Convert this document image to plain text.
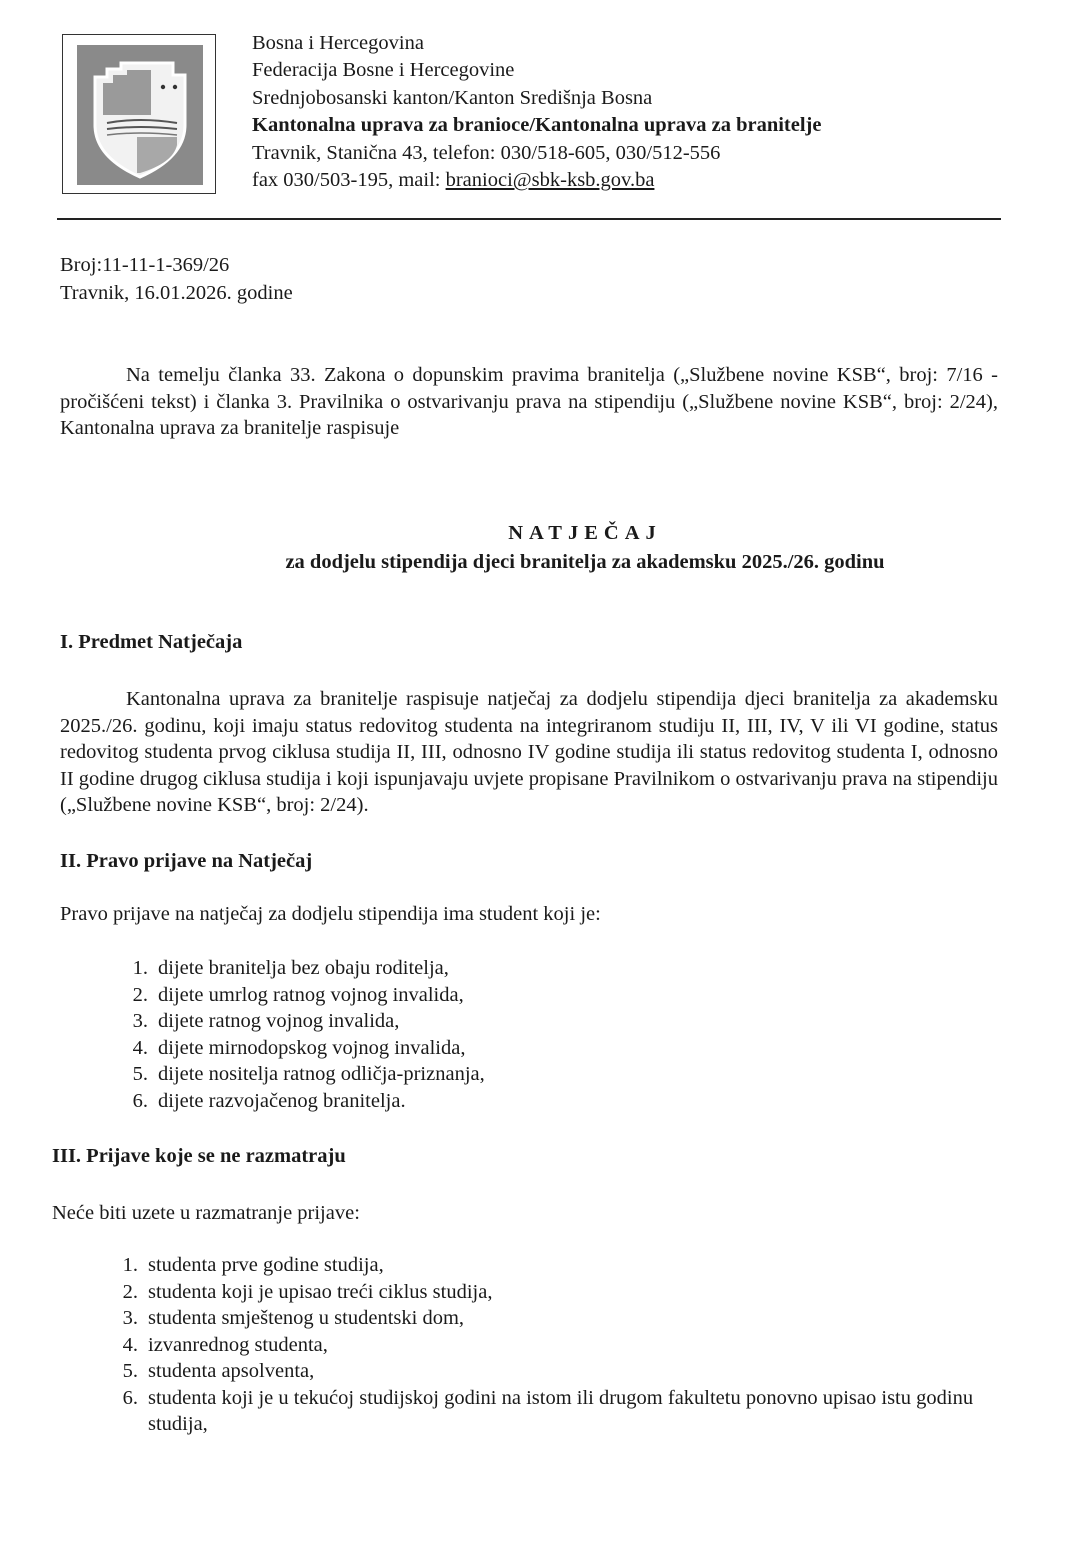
Bosna i Hercegovina
Federacija Bosne i Hercegovine
Srednjobosanski kanton/Kanton Središnja Bosna
Kantonalna uprava za branioce/Kantonalna uprava za branitelje
Travnik, Stanična 43, telefon: 030/518-605, 030/512-556
fax 030/503-195, mail: branioci@sbk-ksb.gov.ba
Broj:11-11-1-369/26
Travnik, 16.01.2026. godine
Na temelju članka 33. Zakona o dopunskim pravima branitelja („Službene novine KSB“, broj: 7/16 - pročišćeni tekst) i članka 3. Pravilnika o ostvarivanju prava na stipendiju („Službene novine KSB“, broj: 2/24), Kantonalna uprava za branitelje raspisuje
NATJEČAJ
za dodjelu stipendija djeci branitelja za akademsku 2025./26. godinu
I. Predmet Natječaja
Kantonalna uprava za branitelje raspisuje natječaj za dodjelu stipendija djeci branitelja za akademsku 2025./26. godinu, koji imaju status redovitog studenta na integriranom studiju II, III, IV, V ili VI godine, status redovitog studenta prvog ciklusa studija II, III, odnosno IV godine studija ili status redovitog studenta I, odnosno II godine drugog ciklusa studija i koji ispunjavaju uvjete propisane Pravilnikom o ostvarivanju prava na stipendiju („Službene novine KSB“, broj: 2/24).
II. Pravo prijave na Natječaj
Pravo prijave na natječaj za dodjelu stipendija ima student koji je:
1. dijete branitelja bez obaju roditelja,
2. dijete umrlog ratnog vojnog invalida,
3. dijete ratnog vojnog invalida,
4. dijete mirnodopskog vojnog invalida,
5. dijete nositelja ratnog odličja-priznanja,
6. dijete razvojačenog branitelja.
III. Prijave koje se ne razmatraju
Neće biti uzete u razmatranje prijave:
1. studenta prve godine studija,
2. studenta koji je upisao treći ciklus studija,
3. studenta smještenog u studentski dom,
4. izvanrednog studenta,
5. studenta apsolventa,
6. studenta koji je u tekućoj studijskoj godini na istom ili drugom fakultetu ponovno upisao istu godinu studija,
